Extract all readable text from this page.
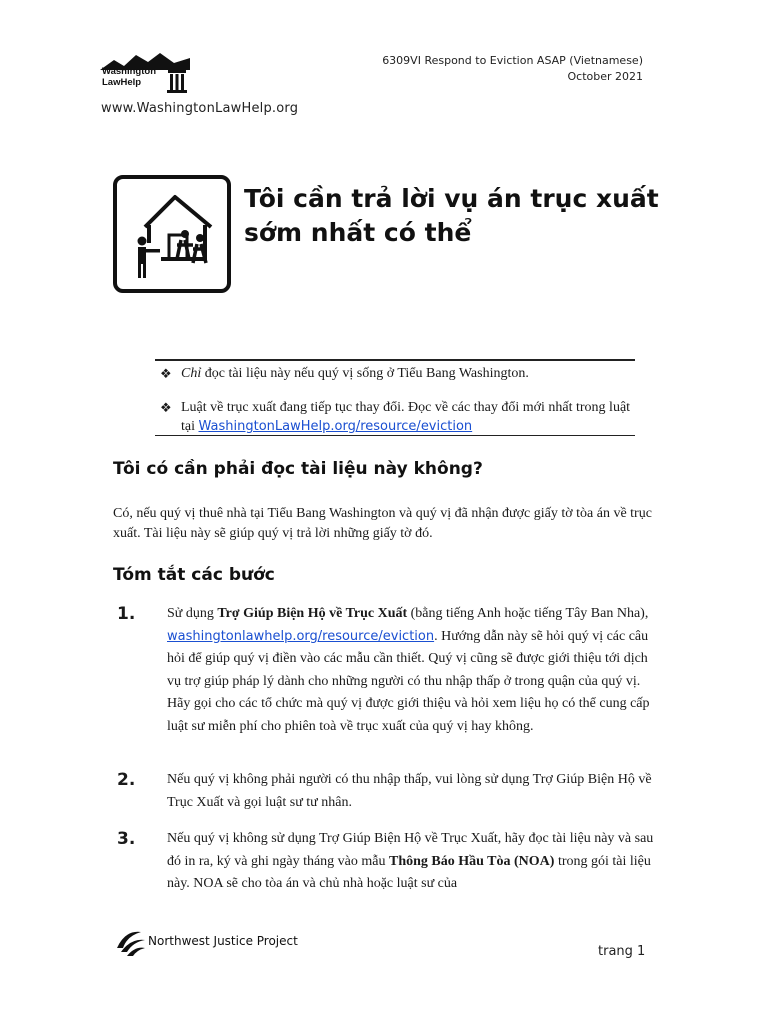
Washington
LawHelp
www.WashingtonLawHelp.org
6309VI Respond to Eviction ASAP (Vietnamese)
October 2021
Tôi cần trả lời vụ án trục xuất
sớm nhất có thể
❖ Chỉ đọc tài liệu này nếu quý vị sống ở Tiểu Bang Washington.
❖ Luật về trục xuất đang tiếp tục thay đổi. Đọc về các thay đổi mới nhất trong luật tại WashingtonLawHelp.org/resource/eviction
Tôi có cần phải đọc tài liệu này không?
Có, nếu quý vị thuê nhà tại Tiểu Bang Washington và quý vị đã nhận được giấy tờ tòa án về trục xuất. Tài liệu này sẽ giúp quý vị trả lời những giấy tờ đó.
Tóm tắt các bước
1. Sử dụng Trợ Giúp Biện Hộ về Trục Xuất (bằng tiếng Anh hoặc tiếng Tây Ban Nha), washingtonlawhelp.org/resource/eviction. Hướng dẫn này sẽ hỏi quý vị các câu hỏi để giúp quý vị điền vào các mẫu cần thiết. Quý vị cũng sẽ được giới thiệu tới dịch vụ trợ giúp pháp lý dành cho những người có thu nhập thấp ở trong quận của quý vị. Hãy gọi cho các tổ chức mà quý vị được giới thiệu và hỏi xem liệu họ có thể cung cấp luật sư miễn phí cho phiên toà về trục xuất của quý vị hay không.
2. Nếu quý vị không phải người có thu nhập thấp, vui lòng sử dụng Trợ Giúp Biện Hộ về Trục Xuất và gọi luật sư tư nhân.
3. Nếu quý vị không sử dụng Trợ Giúp Biện Hộ về Trục Xuất, hãy đọc tài liệu này và sau đó in ra, ký và ghi ngày tháng vào mẫu Thông Báo Hầu Tòa (NOA) trong gói tài liệu này. NOA sẽ cho tòa án và chủ nhà hoặc luật sư của
Northwest Justice Project
trang 1
